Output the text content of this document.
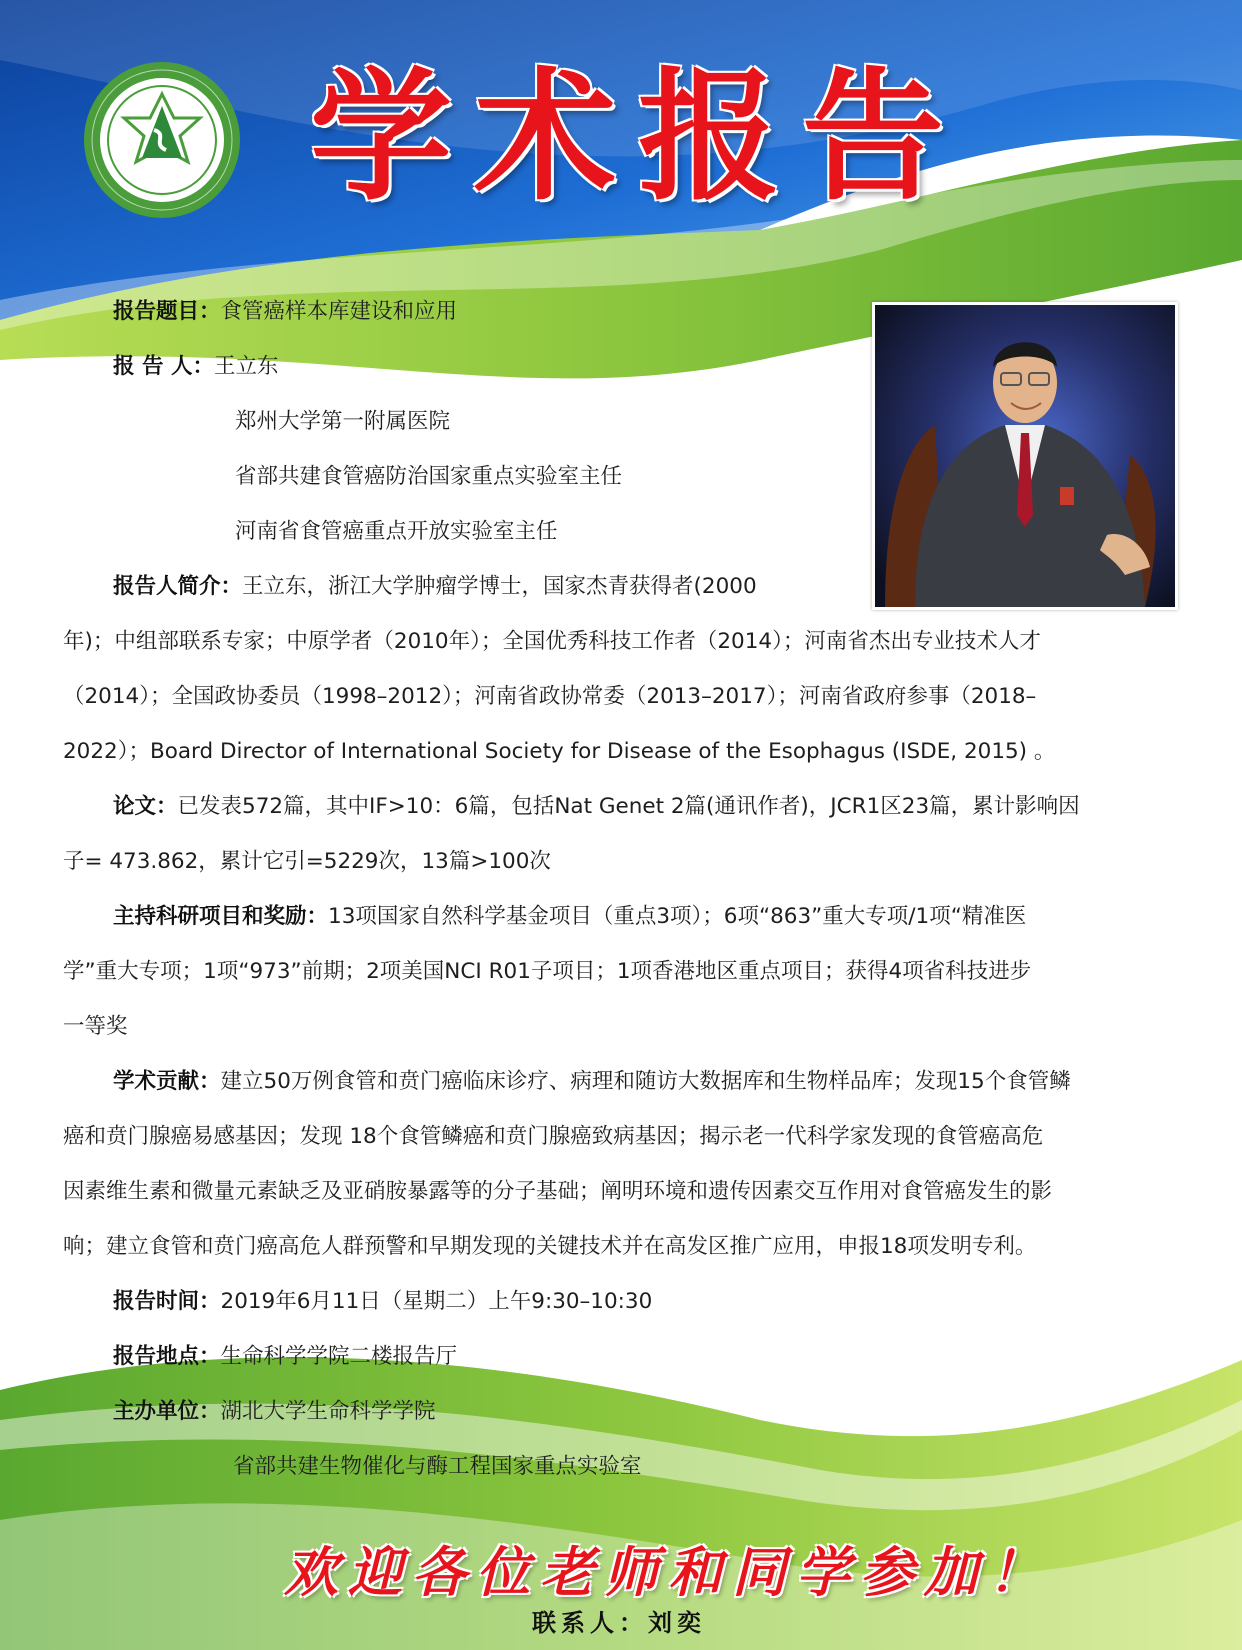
学术报告
报告题目：食管癌样本库建设和应用
报 告 人：王立东
郑州大学第一附属医院
省部共建食管癌防治国家重点实验室主任
河南省食管癌重点开放实验室主任
报告人简介：王立东，浙江大学肿瘤学博士，国家杰青获得者(2000
年)；中组部联系专家；中原学者（2010年）；全国优秀科技工作者（2014）；河南省杰出专业技术人才
（2014）；全国政协委员（1998–2012）；河南省政协常委（2013–2017）；河南省政府参事（2018–
2022）；Board Director of International Society for Disease of the Esophagus (ISDE, 2015) 。
论文：已发表572篇，其中IF>10：6篇，包括Nat Genet 2篇(通讯作者)，JCR1区23篇，累计影响因
子= 473.862，累计它引=5229次，13篇>100次
主持科研项目和奖励：13项国家自然科学基金项目（重点3项）；6项“863”重大专项/1项“精准医
学”重大专项；1项“973”前期；2项美国NCI R01子项目；1项香港地区重点项目；获得4项省科技进步
一等奖
学术贡献：建立50万例食管和贲门癌临床诊疗、病理和随访大数据库和生物样品库；发现15个食管鳞
癌和贲门腺癌易感基因；发现 18个食管鳞癌和贲门腺癌致病基因；揭示老一代科学家发现的食管癌高危
因素维生素和微量元素缺乏及亚硝胺暴露等的分子基础；阐明环境和遗传因素交互作用对食管癌发生的影
响；建立食管和贲门癌高危人群预警和早期发现的关键技术并在高发区推广应用，申报18项发明专利。
报告时间：2019年6月11日（星期二）上午9:30–10:30
报告地点：生命科学学院二楼报告厅
主办单位：湖北大学生命科学学院
省部共建生物催化与酶工程国家重点实验室
欢迎各位老师和同学参加！
联系人：刘奕
